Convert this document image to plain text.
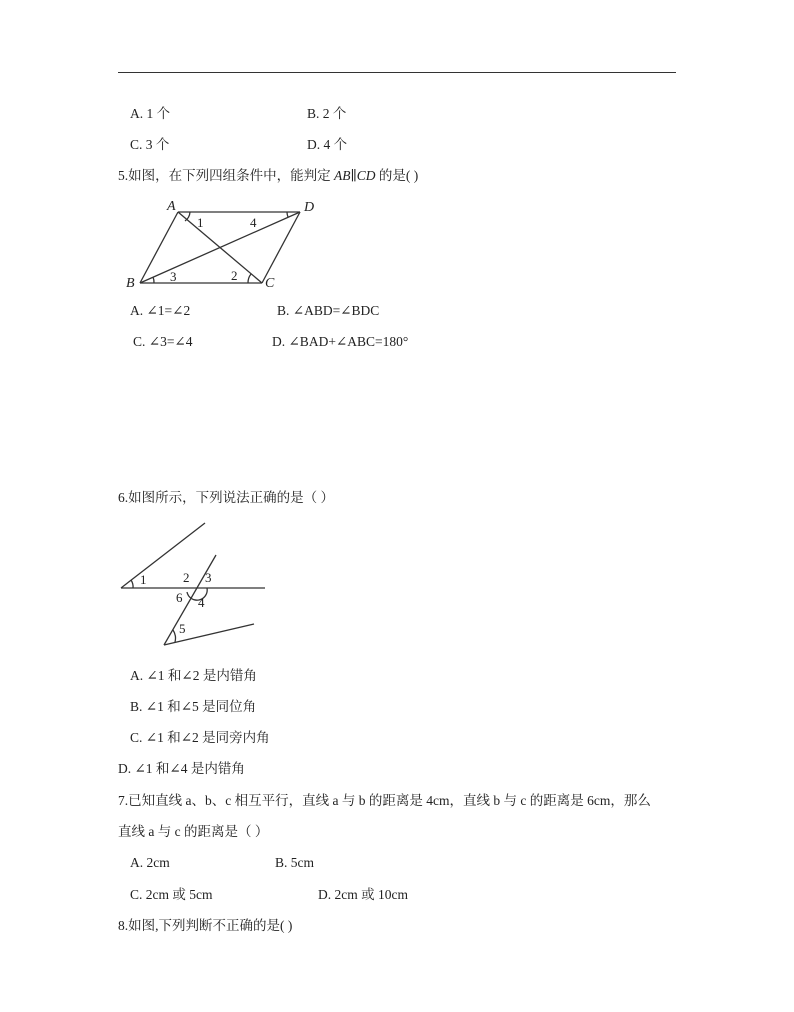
A. 1 个	B. 2 个
C. 3 个	D. 4 个
5.如图，在下列四组条件中，能判定 AB∥CD 的是( )
A	D
B	C
1	4
3	2
A. ∠1=∠2	B. ∠ABD=∠BDC
C. ∠3=∠4	D. ∠BAD+∠ABC=180°
6.如图所示，下列说法正确的是（ ）
1	2 3
6 4
5
A. ∠1 和∠2 是内错角
B. ∠1 和∠5 是同位角
C. ∠1 和∠2 是同旁内角
D. ∠1 和∠4 是内错角
7.已知直线 a、b、c 相互平行，直线 a 与 b 的距离是 4cm，直线 b 与 c 的距离是 6cm，那么
直线 a 与 c 的距离是（ ）
A. 2cm	B. 5cm
C. 2cm 或 5cm	D. 2cm 或 10cm
8.如图,下列判断不正确的是( )
